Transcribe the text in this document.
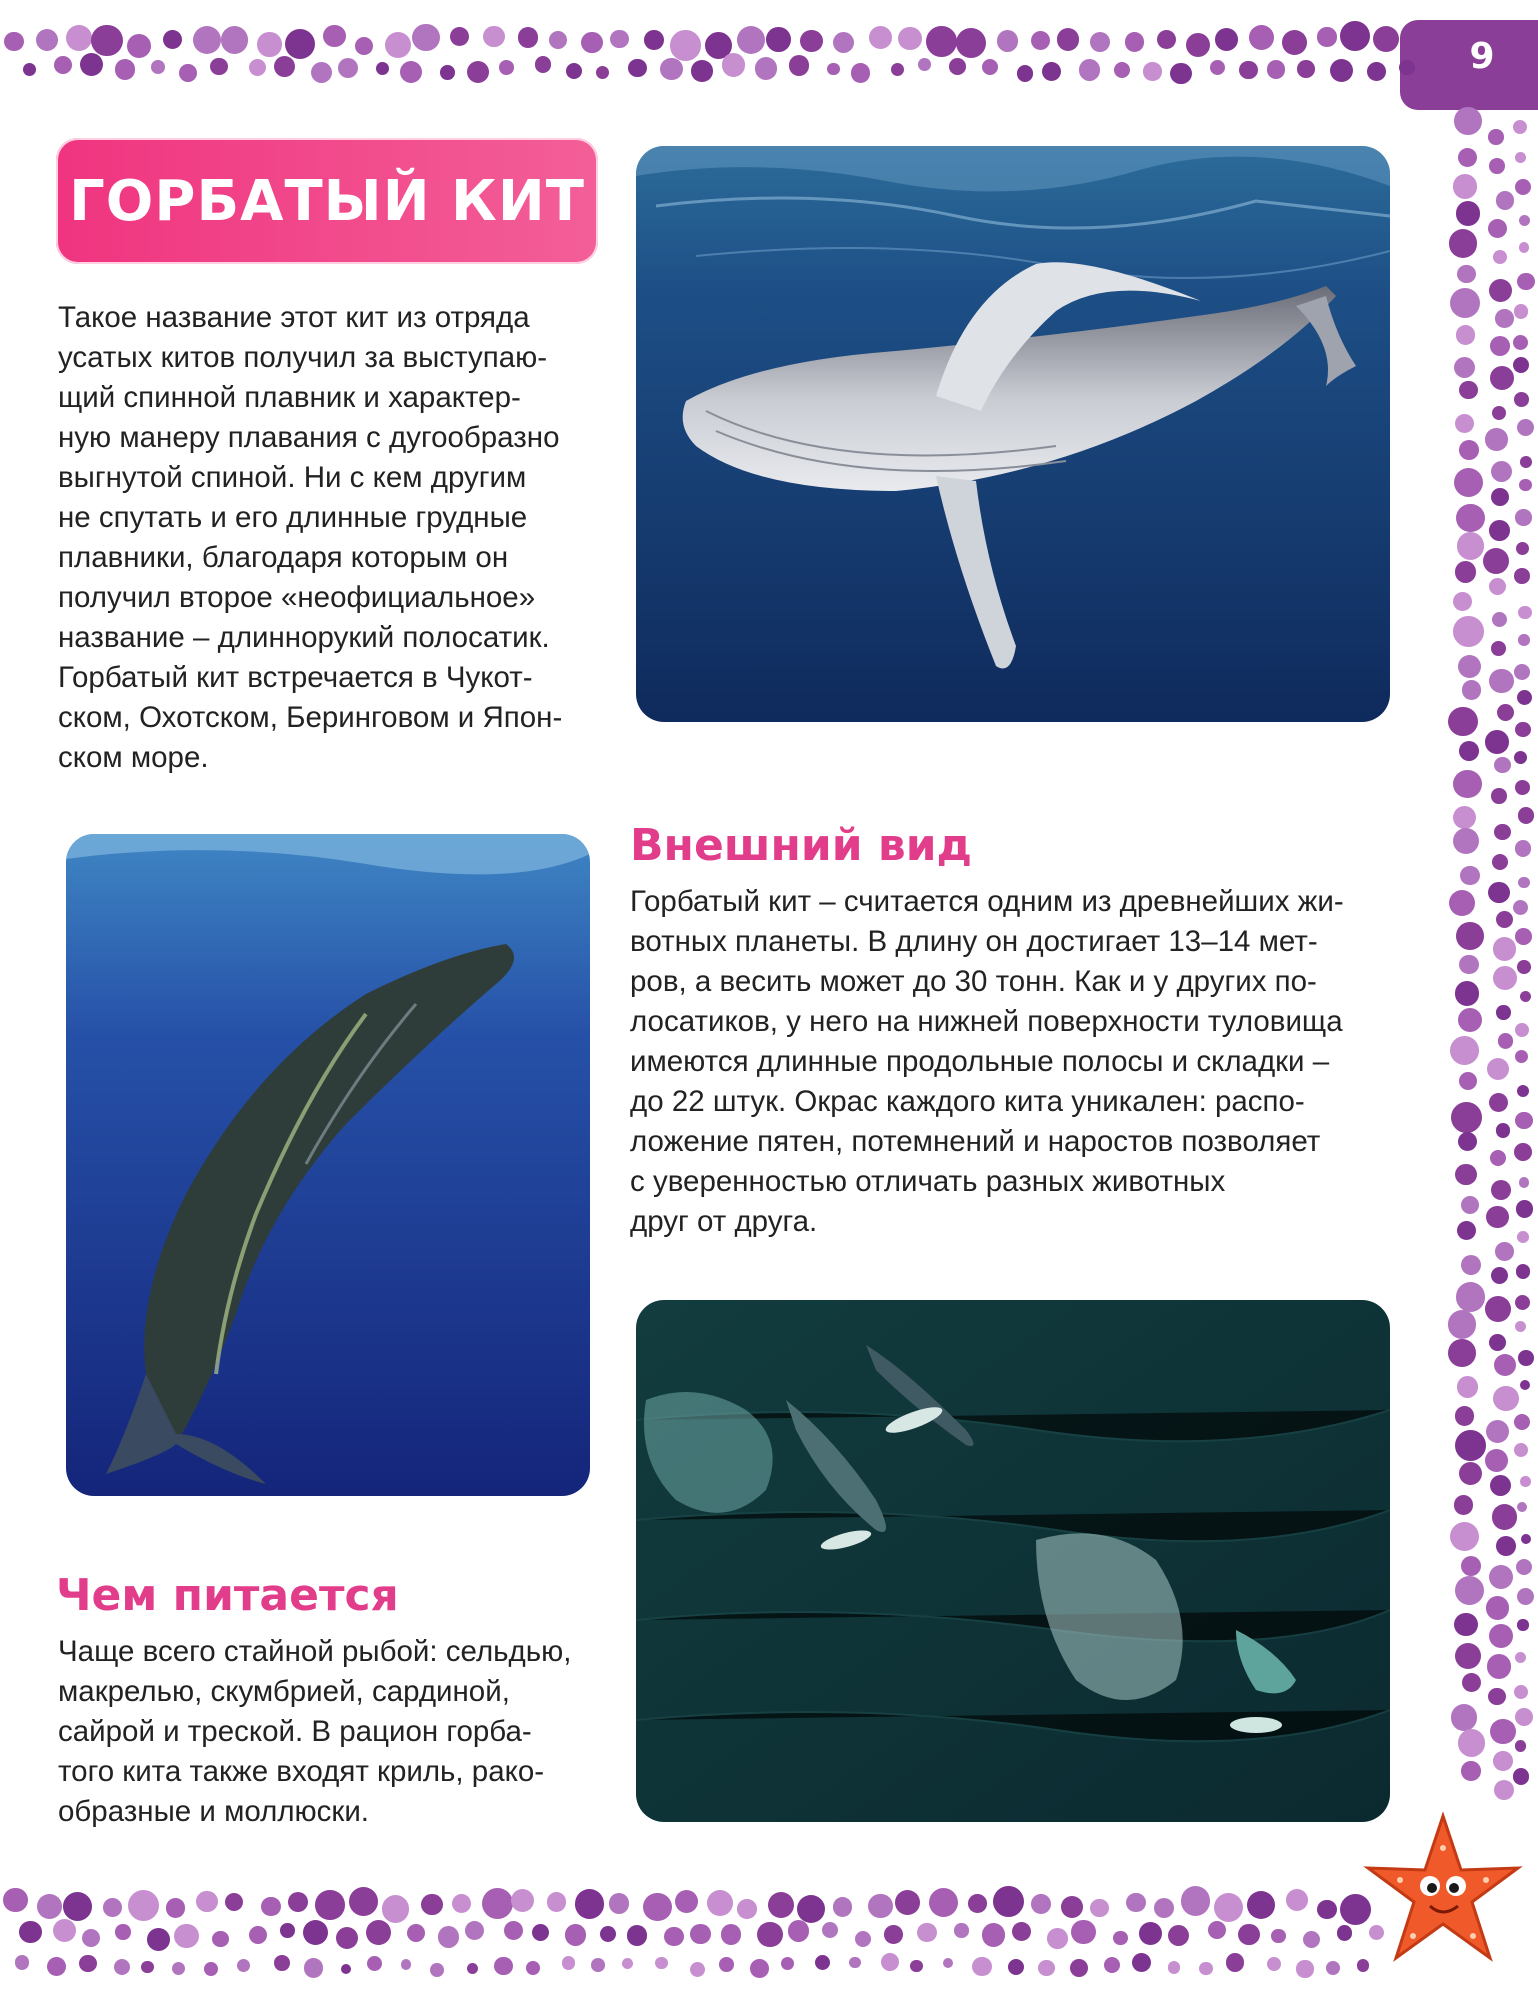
9
ГОРБАТЫЙ КИТ
Такое название этот кит из отряда
усатых китов получил за выступаю-
щий спинной плавник и характер-
ную манеру плавания с дугообразно
выгнутой спиной. Ни с кем другим
не спутать и его длинные грудные
плавники, благодаря которым он
получил второе «неофициальное»
название – длиннорукий полосатик.
Горбатый кит встречается в Чукот-
ском, Охотском, Беринговом и Япон-
ском море.
Внешний вид
Горбатый кит – считается одним из древнейших жи-
вотных планеты. В длину он достигает 13–14 мет-
ров, а весить может до 30 тонн. Как и у других по-
лосатиков, у него на нижней поверхности туловища
имеются длинные продольные полосы и складки –
до 22 штук. Окрас каждого кита уникален: распо-
ложение пятен, потемнений и наростов позволяет
с уверенностью отличать разных животных
друг от друга.
Чем питается
Чаще всего стайной рыбой: сельдью,
макрелью, скумбрией, сардиной,
сайрой и треской. В рацион горба-
того кита также входят криль, рако-
образные и моллюски.
